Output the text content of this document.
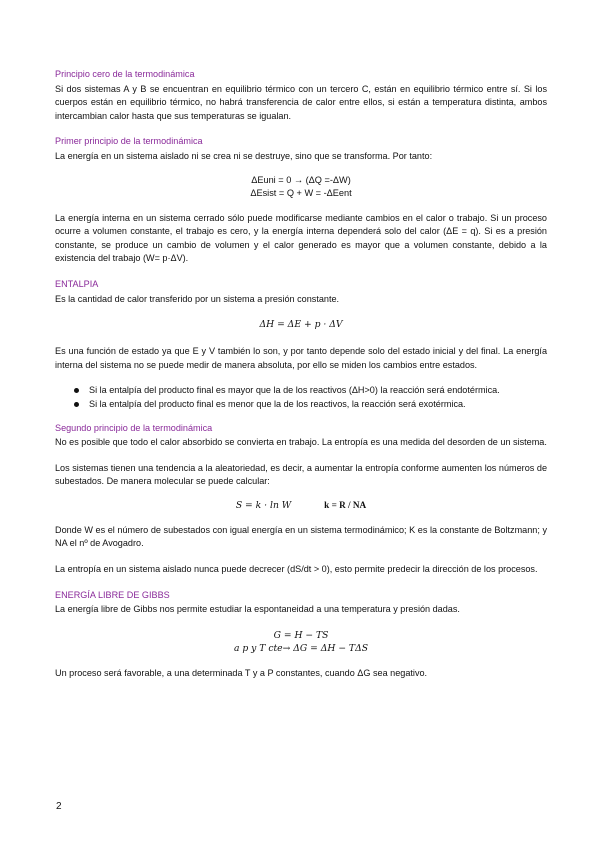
Principio cero de la termodinámica

Si dos sistemas A y B se encuentran en equilibrio térmico con un tercero C, están en equilibrio térmico entre sí. Si los cuerpos están en equilibrio térmico, no habrá transferencia de calor entre ellos, si están a temperatura distinta, ambos intercambian calor hasta que sus temperaturas se igualan.

Primer principio de la termodinámica

La energía en un sistema aislado ni se crea ni se destruye, sino que se transforma. Por tanto:

ΔEuni = 0 → (ΔQ =-ΔW)
ΔEsist = Q + W = -ΔEent

La energía interna en un sistema cerrado sólo puede modificarse mediante cambios en el calor o trabajo. Si un proceso ocurre a volumen constante, el trabajo es cero, y la energía interna dependerá solo del calor (ΔE = q). Si es a presión constante, se produce un cambio de volumen y el calor generado es mayor que a volumen constante, debido a la existencia del trabajo (W= p·ΔV).

ENTALPIA

Es la cantidad de calor transferido por un sistema a presión constante.

ΔH = ΔE + p · ΔV

Es una función de estado ya que E y V también lo son, y por tanto depende solo del estado inicial y del final. La energía interna del sistema no se puede medir de manera absoluta, por ello se miden los cambios entre estados.

Si la entalpía del producto final es mayor que la de los reactivos (ΔH>0) la reacción será endotérmica.
Si la entalpía del producto final es menor que la de los reactivos, la reacción será exotérmica.
Segundo principio de la termodinámica

No es posible que todo el calor absorbido se convierta en trabajo. La entropía es una medida del desorden de un sistema.

Los sistemas tienen una tendencia a la aleatoriedad, es decir, a aumentar la entropía conforme aumenten los números de subestados. De manera molecular se puede calcular:

S = k · ln W	k = R / NA

Donde W es el número de subestados con igual energía en un sistema termodinámico; K es la constante de Boltzmann; y NA el nº de Avogadro.

La entropía en un sistema aislado nunca puede decrecer (dS/dt > 0), esto permite predecir la dirección de los procesos.

ENERGÍA LIBRE DE GIBBS

La energía libre de Gibbs nos permite estudiar la espontaneidad a una temperatura y presión dadas.

G = H − TS
a p y T cte→ ΔG = ΔH − TΔS

Un proceso será favorable, a una determinada T y a P constantes, cuando ΔG sea negativo.

2
